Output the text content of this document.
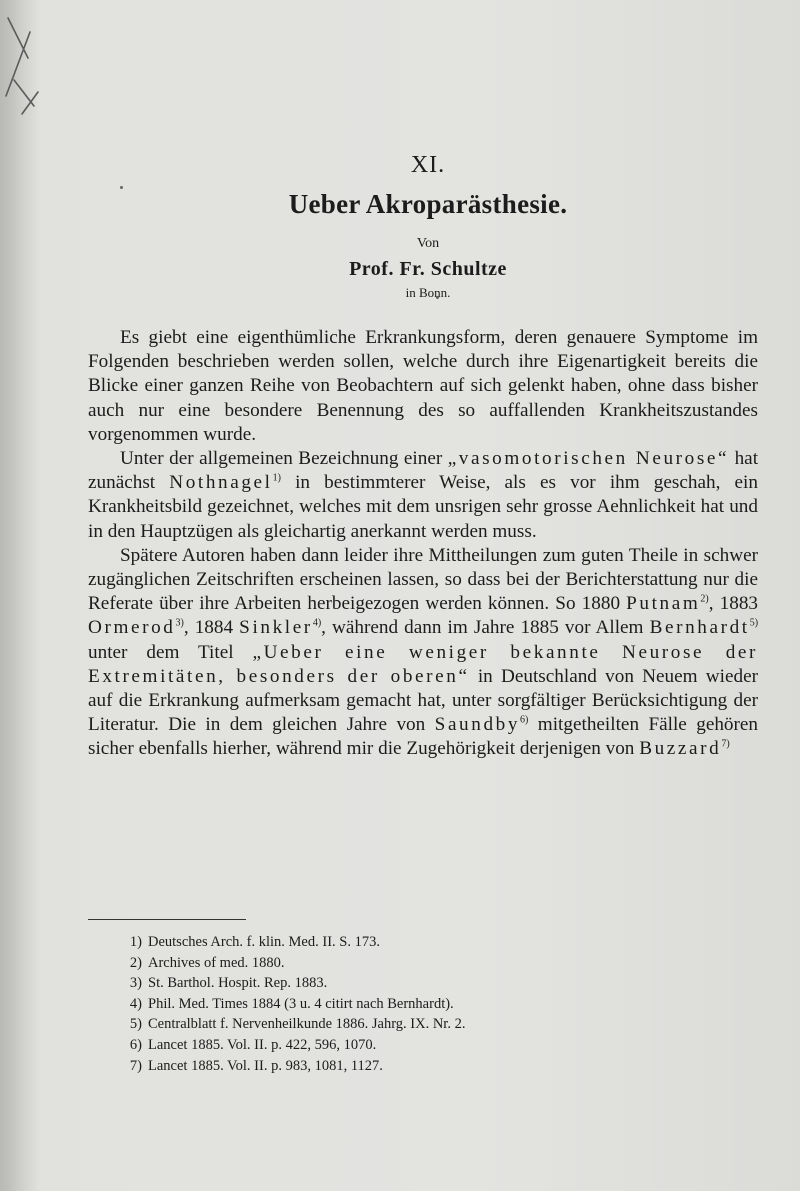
XI.
Ueber Akroparästhesie.
Von
Prof. Fr. Schultze
in Bonn.

Es giebt eine eigenthümliche Erkrankungsform, deren genauere Symptome im Folgenden beschrieben werden sollen, welche durch ihre Eigenartigkeit bereits die Blicke einer ganzen Reihe von Beobachtern auf sich gelenkt haben, ohne dass bisher auch nur eine besondere Benennung des so auffallenden Krankheitszustandes vorgenommen wurde.

Unter der allgemeinen Bezeichnung einer „vasomotorischen Neurose“ hat zunächst Nothnagel$^{1)}$ in bestimmterer Weise, als es vor ihm geschah, ein Krankheitsbild gezeichnet, welches mit dem unsrigen sehr grosse Aehnlichkeit hat und in den Hauptzügen als gleichartig anerkannt werden muss.

Spätere Autoren haben dann leider ihre Mittheilungen zum guten Theile in schwer zugänglichen Zeitschriften erscheinen lassen, so dass bei der Berichterstattung nur die Referate über ihre Arbeiten herbeigezogen werden können. So 1880 Putnam$^{2)}$, 1883 Ormerod$^{3)}$, 1884 Sinkler$^{4)}$, während dann im Jahre 1885 vor Allem Bernhardt$^{5)}$ unter dem Titel „Ueber eine weniger bekannte Neurose der Extremitäten, besonders der oberen“ in Deutschland von Neuem wieder auf die Erkrankung aufmerksam gemacht hat, unter sorgfältiger Berücksichtigung der Literatur. Die in dem gleichen Jahre von Saundby$^{6)}$ mitgetheilten Fälle gehören sicher ebenfalls hierher, während mir die Zugehörigkeit derjenigen von Buzzard$^{7)}$

1) Deutsches Arch. f. klin. Med. II. S. 173.
2) Archives of med. 1880.
3) St. Barthol. Hospit. Rep. 1883.
4) Phil. Med. Times 1884 (3 u. 4 citirt nach Bernhardt).
5) Centralblatt f. Nervenheilkunde 1886. Jahrg. IX. Nr. 2.
6) Lancet 1885. Vol. II. p. 422, 596, 1070.
7) Lancet 1885. Vol. II. p. 983, 1081, 1127.
